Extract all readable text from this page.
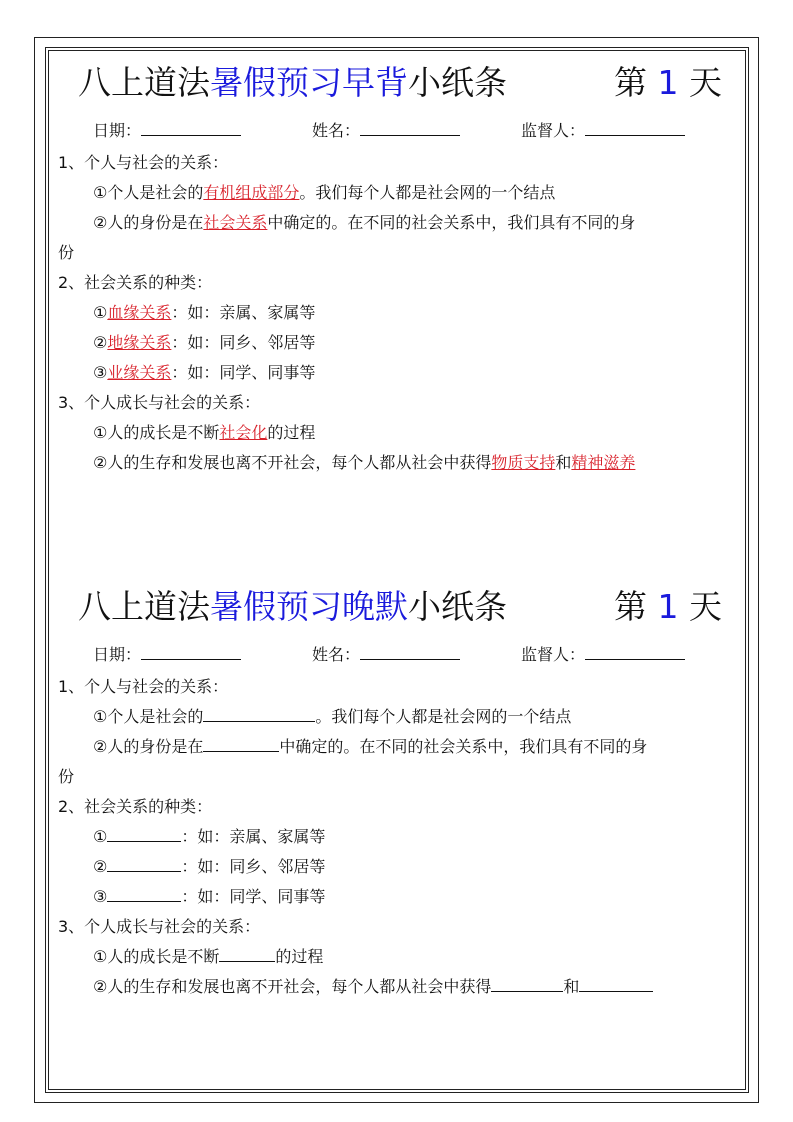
八上道法暑假预习早背小纸条	第 1 天
日期：	姓名：	监督人：
1、个人与社会的关系：
①个人是社会的有机组成部分。我们每个人都是社会网的一个结点
②人的身份是在社会关系中确定的。在不同的社会关系中，我们具有不同的身
份
2、社会关系的种类：
①血缘关系：如：亲属、家属等
②地缘关系：如：同乡、邻居等
③业缘关系：如：同学、同事等
3、个人成长与社会的关系：
①人的成长是不断社会化的过程
②人的生存和发展也离不开社会，每个人都从社会中获得物质支持和精神滋养
八上道法暑假预习晚默小纸条	第 1 天
日期：	姓名：	监督人：
1、个人与社会的关系：
①个人是社会的	。我们每个人都是社会网的一个结点
②人的身份是在	中确定的。在不同的社会关系中，我们具有不同的身
份
2、社会关系的种类：
①	：如：亲属、家属等
②	：如：同乡、邻居等
③	：如：同学、同事等
3、个人成长与社会的关系：
①人的成长是不断	的过程
②人的生存和发展也离不开社会，每个人都从社会中获得	和
